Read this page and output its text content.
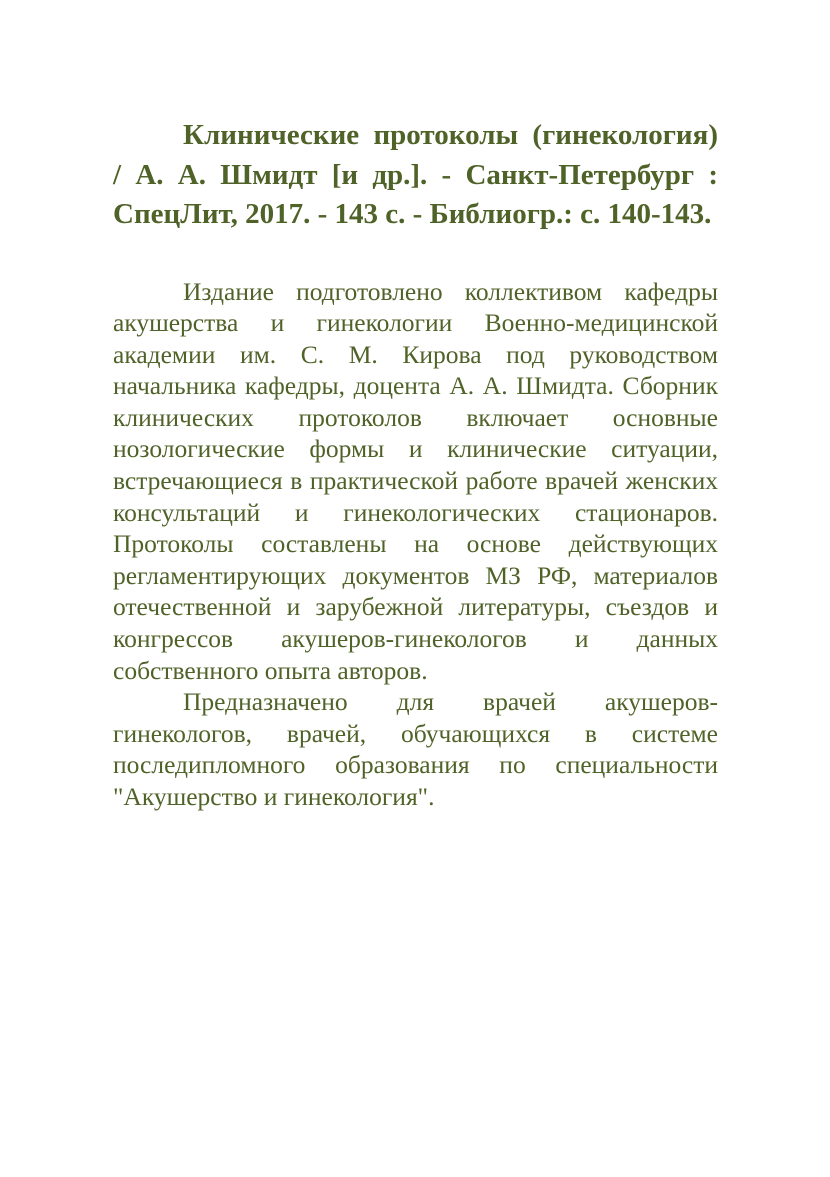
Клинические протоколы (гинекология) / А. А. Шмидт [и др.]. - Санкт-Петербург : СпецЛит, 2017. - 143 с. - Библиогр.: с. 140-143.

Издание подготовлено коллективом кафедры акушерства и гинекологии Военно-медицинской академии им. С. М. Кирова под руководством начальника кафедры, доцента А. А. Шмидта. Сборник клинических протоколов включает основные нозологические формы и клинические ситуации, встречающиеся в практической работе врачей женских консультаций и гинекологических стационаров. Протоколы составлены на основе действующих регламентирующих документов МЗ РФ, материалов отечественной и зарубежной литературы, съездов и конгрессов акушеров-гинекологов и данных собственного опыта авторов.

Предназначено для врачей акушеров-гинекологов, врачей, обучающихся в системе последипломного образования по специальности "Акушерство и гинекология".
